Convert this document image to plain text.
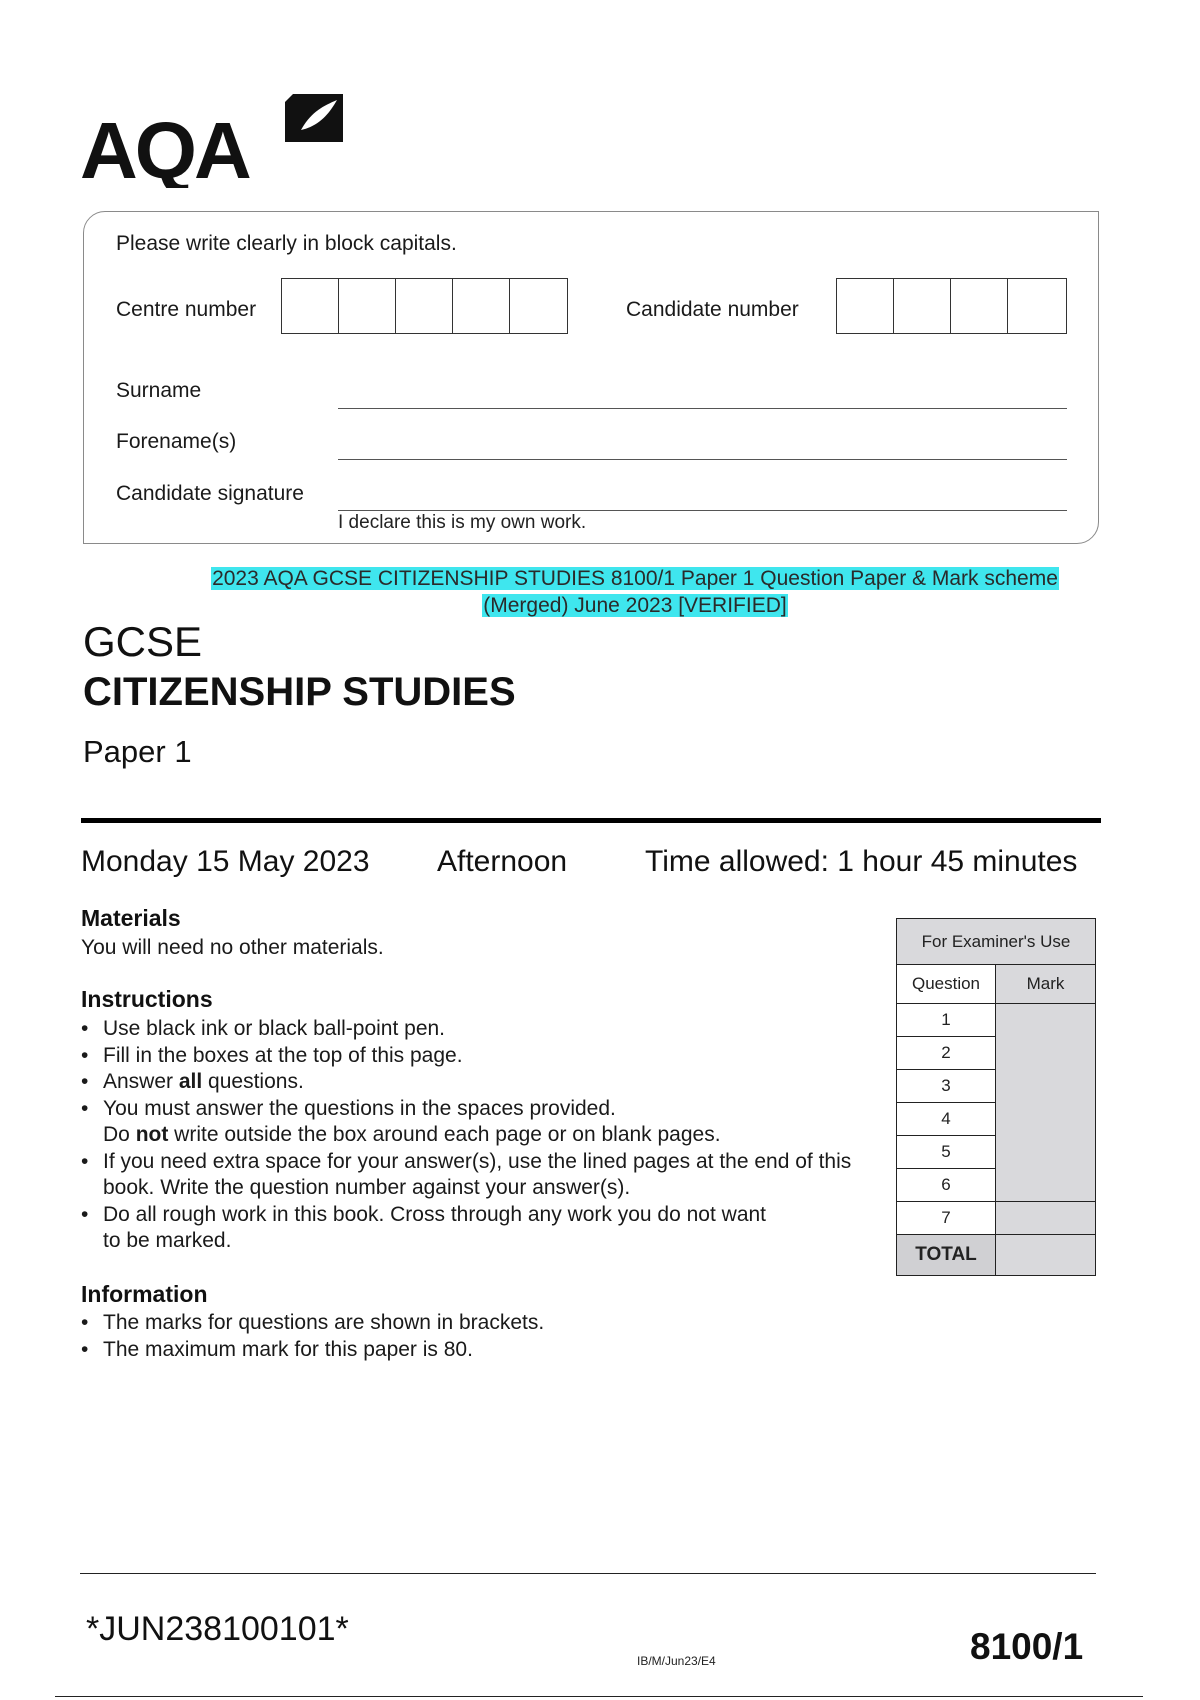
AQA
Please write clearly in block capitals.
Centre number	Candidate number
Surname
Forename(s)
Candidate signature
I declare this is my own work.
2023 AQA GCSE CITIZENSHIP STUDIES 8100/1 Paper 1 Question Paper & Mark scheme
(Merged) June 2023 [VERIFIED]
GCSE
CITIZENSHIP STUDIES
Paper 1
Monday 15 May 2023 Afternoon	Time allowed: 1 hour 45 minutes
Materials
You will need no other materials.
Instructions
• Use black ink or black ball-point pen.
• Fill in the boxes at the top of this page.
• Answer all questions.
• You must answer the questions in the spaces provided.
Do not write outside the box around each page or on blank pages.
• If you need extra space for your answer(s), use the lined pages at the end of this book. Write the question number against your answer(s).
• Do all rough work in this book. Cross through any work you do not want to be marked.
Information
• The marks for questions are shown in brackets.
• The maximum mark for this paper is 80.
For Examiner's Use	
Question	Mark
1	
2	
3	
4	
5	
6	
7	
TOTAL	
*JUN238100101*
IB/M/Jun23/E4	8100/1
